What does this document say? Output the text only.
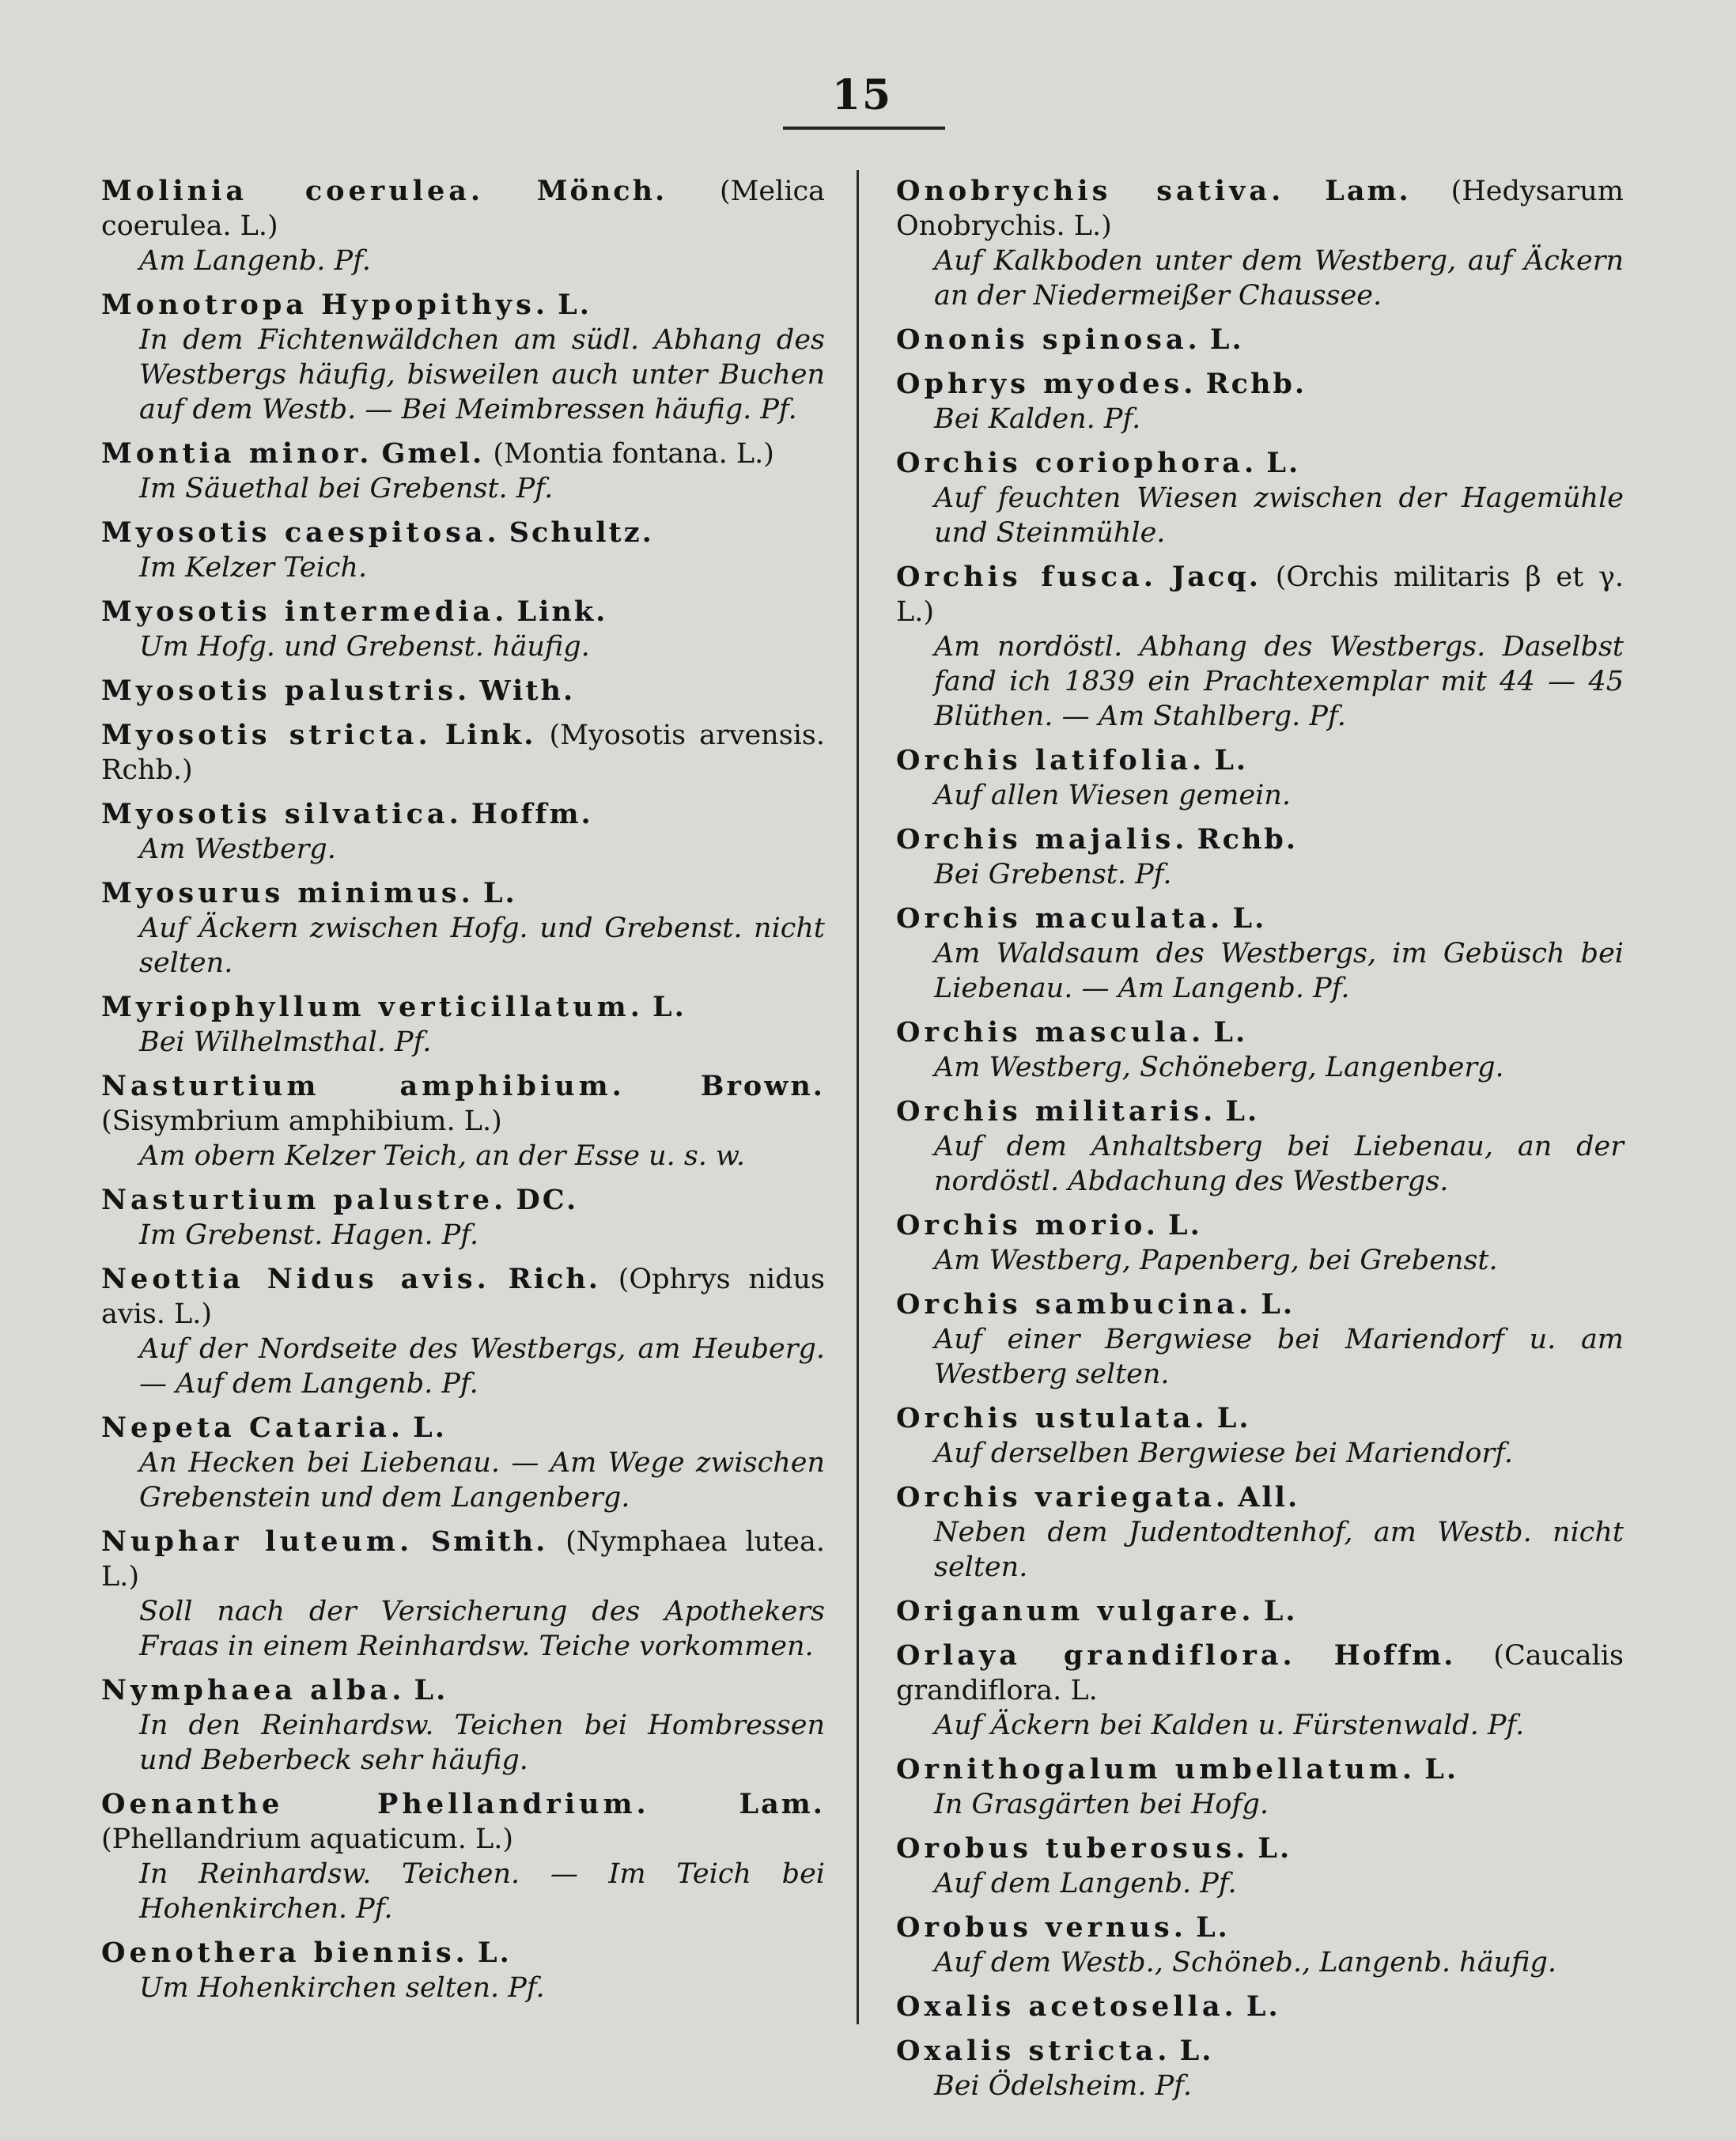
15
Molinia coerulea. Mönch. (Melica coerulea. L.)
Am Langenb. Pf.
Monotropa Hypopithys. L.
In dem Fichtenwäldchen am südl. Abhang des Westbergs häufig, bisweilen auch unter Buchen auf dem Westb. — Bei Meimbressen häufig. Pf.
Montia minor. Gmel. (Montia fontana. L.)
Im Säuethal bei Grebenst. Pf.
Myosotis caespitosa. Schultz.
Im Kelzer Teich.
Myosotis intermedia. Link.
Um Hofg. und Grebenst. häufig.
Myosotis palustris. With.
Myosotis stricta. Link. (Myosotis arvensis. Rchb.)
Myosotis silvatica. Hoffm.
Am Westberg.
Myosurus minimus. L.
Auf Äckern zwischen Hofg. und Grebenst. nicht selten.
Myriophyllum verticillatum. L.
Bei Wilhelmsthal. Pf.
Nasturtium amphibium.	Brown. (Sisymbrium amphibium. L.)
Am obern Kelzer Teich, an der Esse u. s. w.
Nasturtium palustre. DC.
Im Grebenst. Hagen. Pf.
Neottia Nidus avis. Rich. (Ophrys nidus avis. L.)
Auf der Nordseite des Westbergs, am Heuberg. — Auf dem Langenb. Pf.
Nepeta Cataria. L.
An Hecken bei Liebenau. — Am Wege zwischen Grebenstein und dem Langenberg.
Nuphar luteum. Smith. (Nymphaea lutea. L.)
Soll nach der Versicherung des Apothekers Fraas in einem Reinhardsw. Teiche vorkommen.
Nymphaea alba. L.
In den Reinhardsw. Teichen bei Hombressen und Beberbeck sehr häufig.
Oenanthe Phellandrium.	Lam. (Phellandrium aquaticum. L.)
In Reinhardsw. Teichen. — Im Teich bei Hohenkirchen. Pf.
Oenothera biennis. L.
Um Hohenkirchen selten. Pf.
Onobrychis sativa. Lam. (Hedysarum Onobrychis. L.)
Auf Kalkboden unter dem Westberg, auf Äckern an der Niedermeißer Chaussee.
Ononis spinosa. L.
Ophrys myodes. Rchb.
Bei Kalden. Pf.
Orchis coriophora. L.
Auf feuchten Wiesen zwischen der Hagemühle und Steinmühle.
Orchis fusca. Jacq. (Orchis militaris β et γ. L.)
Am nordöstl. Abhang des Westbergs. Daselbst fand ich 1839 ein Prachtexemplar mit 44 — 45 Blüthen. — Am Stahlberg. Pf.
Orchis latifolia. L.
Auf allen Wiesen gemein.
Orchis majalis. Rchb.
Bei Grebenst. Pf.
Orchis maculata. L.
Am Waldsaum des Westbergs, im Gebüsch bei Liebenau. — Am Langenb. Pf.
Orchis mascula. L.
Am Westberg, Schöneberg, Langenberg.
Orchis militaris. L.
Auf dem Anhaltsberg bei Liebenau, an der nordöstl. Abdachung des Westbergs.
Orchis morio. L.
Am Westberg, Papenberg, bei Grebenst.
Orchis sambucina. L.
Auf einer Bergwiese bei Mariendorf u. am Westberg selten.
Orchis ustulata. L.
Auf derselben Bergwiese bei Mariendorf.
Orchis variegata. All.
Neben dem Judentodtenhof, am Westb. nicht selten.
Origanum vulgare. L.
Orlaya grandiflora. Hoffm. (Caucalis grandiflora. L.
Auf Äckern bei Kalden u. Fürstenwald. Pf.
Ornithogalum umbellatum. L.
In Grasgärten bei Hofg.
Orobus tuberosus. L.
Auf dem Langenb. Pf.
Orobus vernus. L.
Auf dem Westb., Schöneb., Langenb. häufig.
Oxalis acetosella. L.
Oxalis stricta. L.
Bei Ödelsheim. Pf.
